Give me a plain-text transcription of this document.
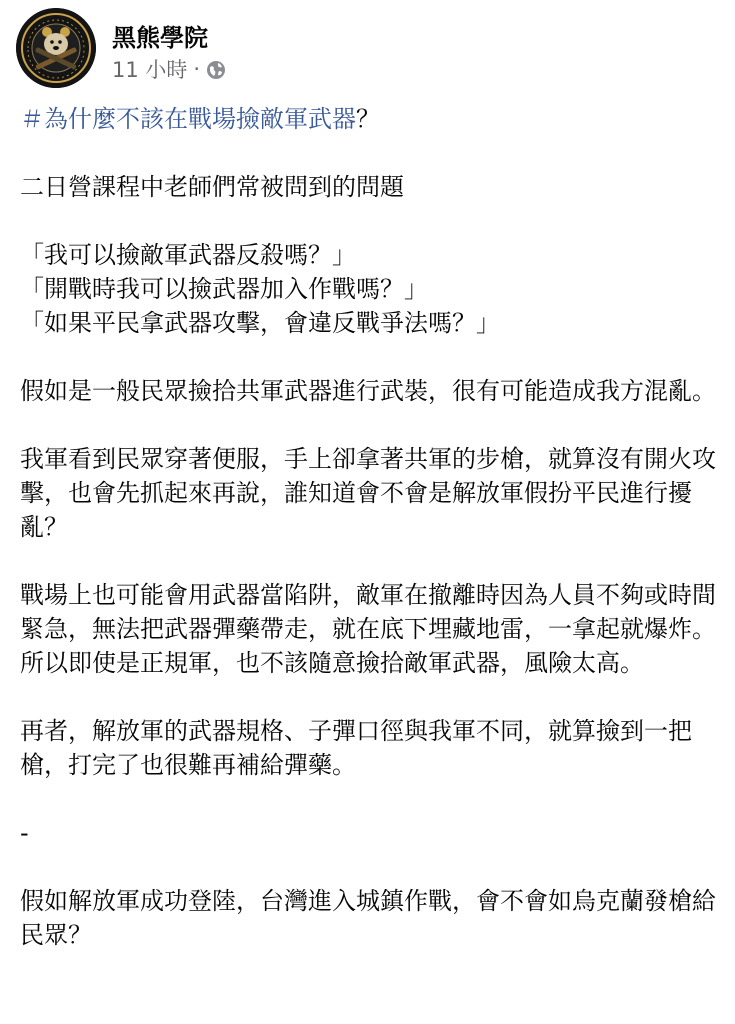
黑熊學院
11 小時 ·

＃為什麼不該在戰場撿敵軍武器？

二日營課程中老師們常被問到的問題

「我可以撿敵軍武器反殺嗎？」
「開戰時我可以撿武器加入作戰嗎？」
「如果平民拿武器攻擊，會違反戰爭法嗎？」

假如是一般民眾撿拾共軍武器進行武裝，很有可能造成我方混亂。

我軍看到民眾穿著便服，手上卻拿著共軍的步槍，就算沒有開火攻擊，也會先抓起來再說，誰知道會不會是解放軍假扮平民進行擾亂？

戰場上也可能會用武器當陷阱，敵軍在撤離時因為人員不夠或時間緊急，無法把武器彈藥帶走，就在底下埋藏地雷，一拿起就爆炸。所以即使是正規軍，也不該隨意撿拾敵軍武器，風險太高。

再者，解放軍的武器規格、子彈口徑與我軍不同，就算撿到一把槍，打完了也很難再補給彈藥。

-

假如解放軍成功登陸，台灣進入城鎮作戰，會不會如烏克蘭發槍給民眾？
